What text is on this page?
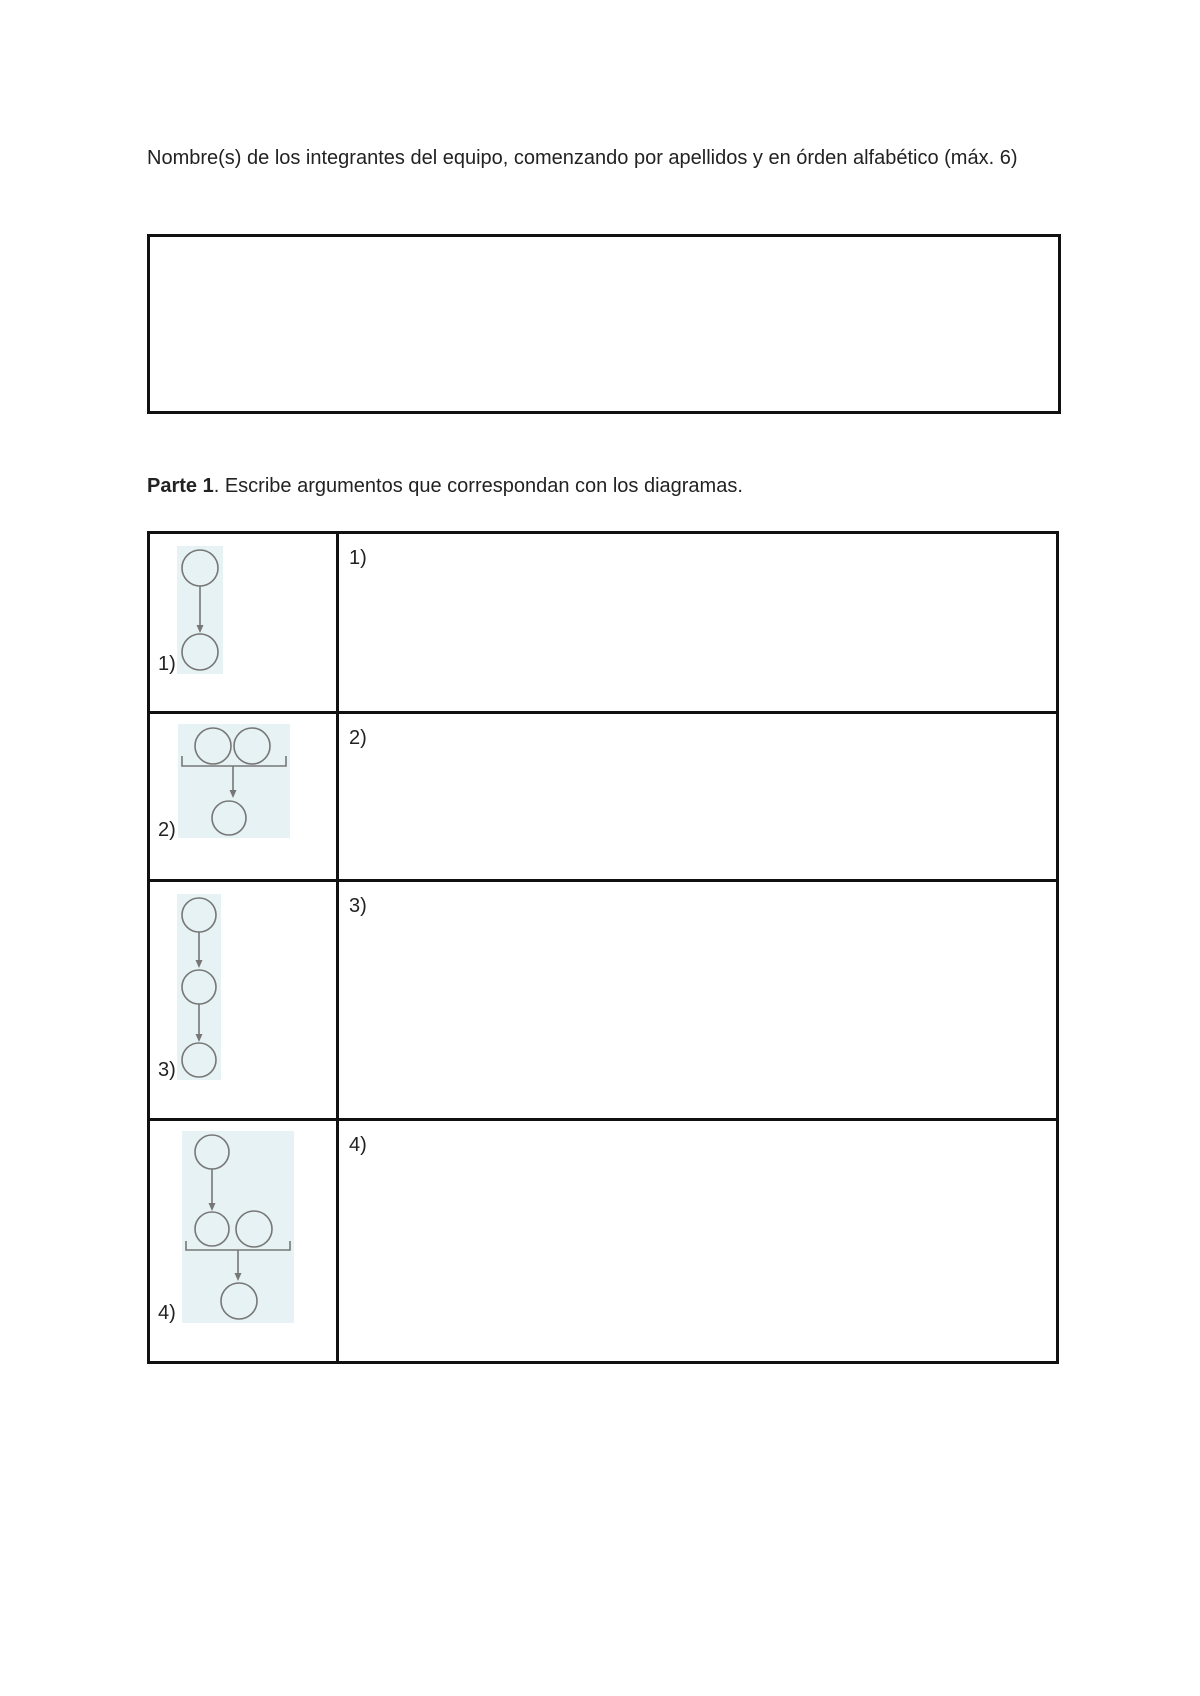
Nombre(s) de los integrantes del equipo, comenzando por apellidos y en órden alfabético (máx. 6)

Parte 1. Escribe argumentos que correspondan con los diagramas.

1)	1)

2)	2)

3)	3)

4)	4)
